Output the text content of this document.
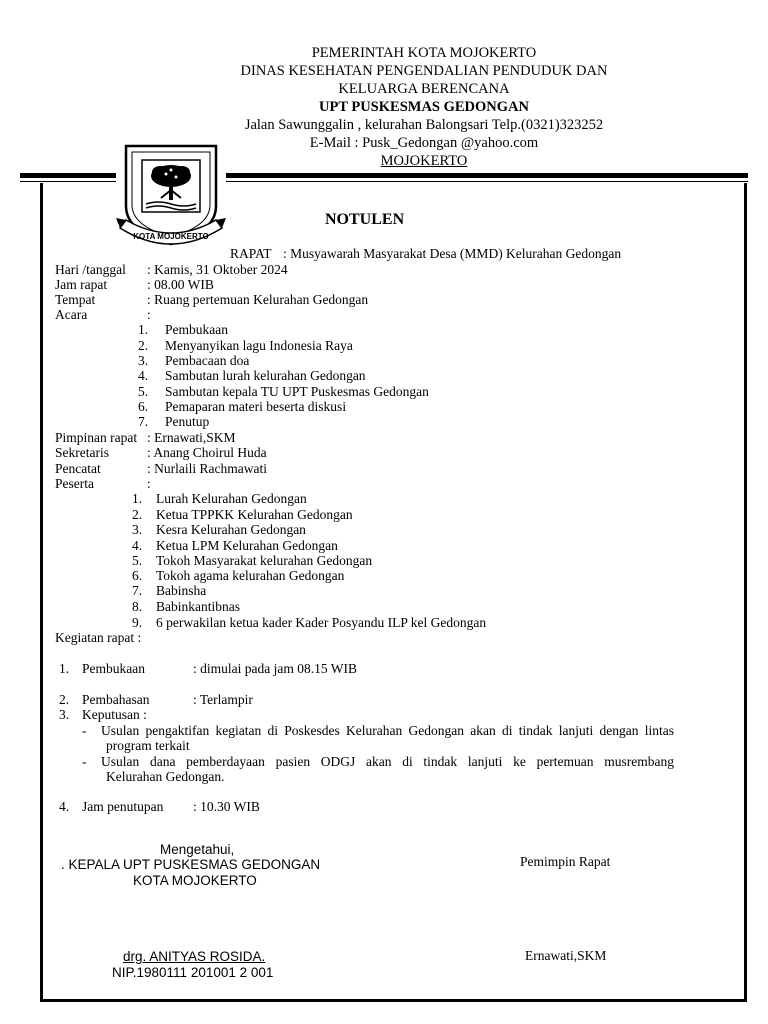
PEMERINTAH KOTA MOJOKERTO
DINAS KESEHATAN PENGENDALIAN PENDUDUK DAN
KELUARGA BERENCANA
UPT PUSKESMAS GEDONGAN
Jalan Sawunggalin , kelurahan Balongsari Telp.(0321)323252
E-Mail : Pusk_Gedongan @yahoo.com
MOJOKERTO
KOTA MOJOKERTO
NOTULEN
RAPAT : Musyawarah Masyarakat Desa (MMD) Kelurahan Gedongan
Hari /tanggal : Kamis, 31 Oktober 2024
Jam rapat	: 08.00 WIB
Tempat	: Ruang pertemuan Kelurahan Gedongan
Acara	:
1. Pembukaan
2. Menyanyikan lagu Indonesia Raya
3. Pembacaan doa
4. Sambutan lurah kelurahan Gedongan
5. Sambutan kepala TU UPT Puskesmas Gedongan
6. Pemaparan materi beserta diskusi
7. Penutup
Pimpinan rapat : Ernawati,SKM
Sekretaris	: Anang Choirul Huda
Pencatat	: Nurlaili Rachmawati
Peserta	:
1. Lurah Kelurahan Gedongan
2. Ketua TPPKK Kelurahan Gedongan
3. Kesra Kelurahan Gedongan
4. Ketua LPM Kelurahan Gedongan
5. Tokoh Masyarakat kelurahan Gedongan
6. Tokoh agama kelurahan Gedongan
7. Babinsha
8. Babinkantibnas
9. 6 perwakilan ketua kader Kader Posyandu ILP kel Gedongan
Kegiatan rapat :
1. Pembukaan	: dimulai pada jam 08.15 WIB
2. Pembahasan	: Terlampir
3. Keputusan :
- Usulan pengaktifan kegiatan di Poskesdes Kelurahan Gedongan akan di tindak lanjuti dengan lintas
program terkait
- Usulan dana pemberdayaan pasien ODGJ akan di tindak lanjuti ke pertemuan musrembang
Kelurahan Gedongan.
4. Jam penutupan : 10.30 WIB
Mengetahui,
. KEPALA UPT PUSKESMAS GEDONGAN
KOTA MOJOKERTO
drg. ANITYAS ROSIDA.
NIP.1980111 201001 2 001
Pemimpin Rapat
Ernawati,SKM
